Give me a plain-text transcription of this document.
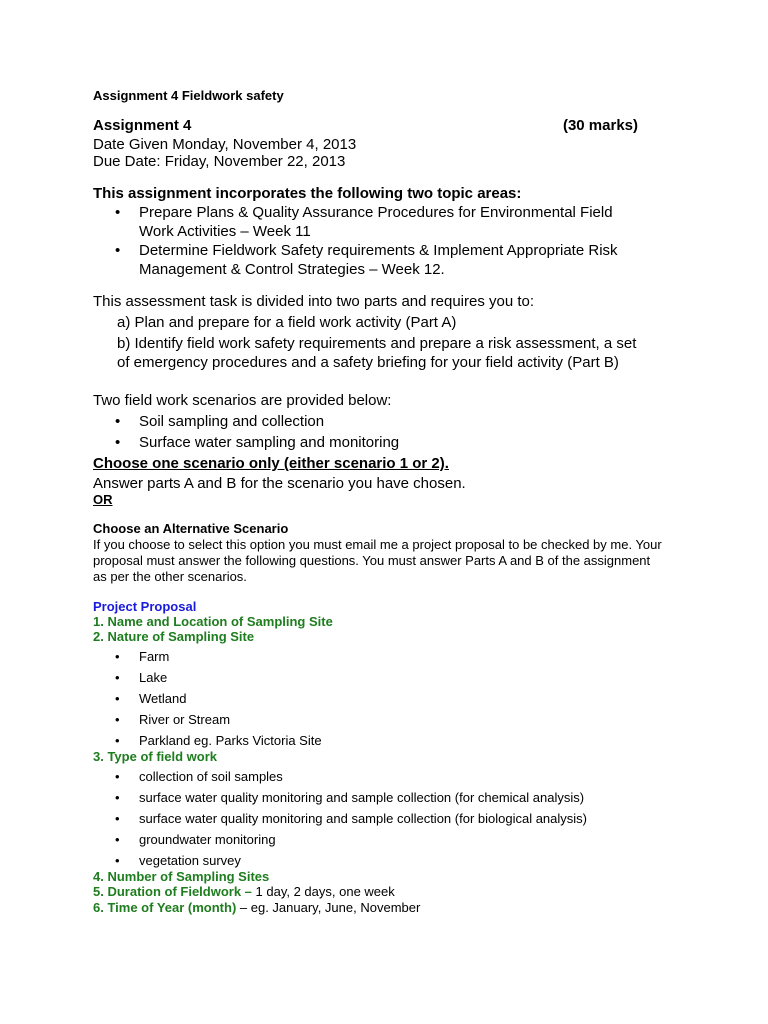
Assignment 4 Fieldwork safety
Assignment 4	(30 marks)
Date Given Monday, November 4, 2013
Due Date: Friday, November 22, 2013
This assignment incorporates the following two topic areas:
• Prepare Plans & Quality Assurance Procedures for Environmental Field Work Activities – Week 11
• Determine Fieldwork Safety requirements & Implement Appropriate Risk Management & Control Strategies – Week 12.
This assessment task is divided into two parts and requires you to:
a) Plan and prepare for a field work activity (Part A)
b) Identify field work safety requirements and prepare a risk assessment, a set of emergency procedures and a safety briefing for your field activity (Part B)
Two field work scenarios are provided below:
• Soil sampling and collection
• Surface water sampling and monitoring
Choose one scenario only (either scenario 1 or 2).
Answer parts A and B for the scenario you have chosen.
OR
Choose an Alternative Scenario
If you choose to select this option you must email me a project proposal to be checked by me. Your proposal must answer the following questions. You must answer Parts A and B of the assignment as per the other scenarios.
Project Proposal
1. Name and Location of Sampling Site
2. Nature of Sampling Site
• Farm
• Lake
• Wetland
• River or Stream
• Parkland eg. Parks Victoria Site
3. Type of field work
• collection of soil samples
• surface water quality monitoring and sample collection (for chemical analysis)
• surface water quality monitoring and sample collection (for biological analysis)
• groundwater monitoring
• vegetation survey
4. Number of Sampling Sites
5. Duration of Fieldwork – 1 day, 2 days, one week
6. Time of Year (month) – eg. January, June, November
